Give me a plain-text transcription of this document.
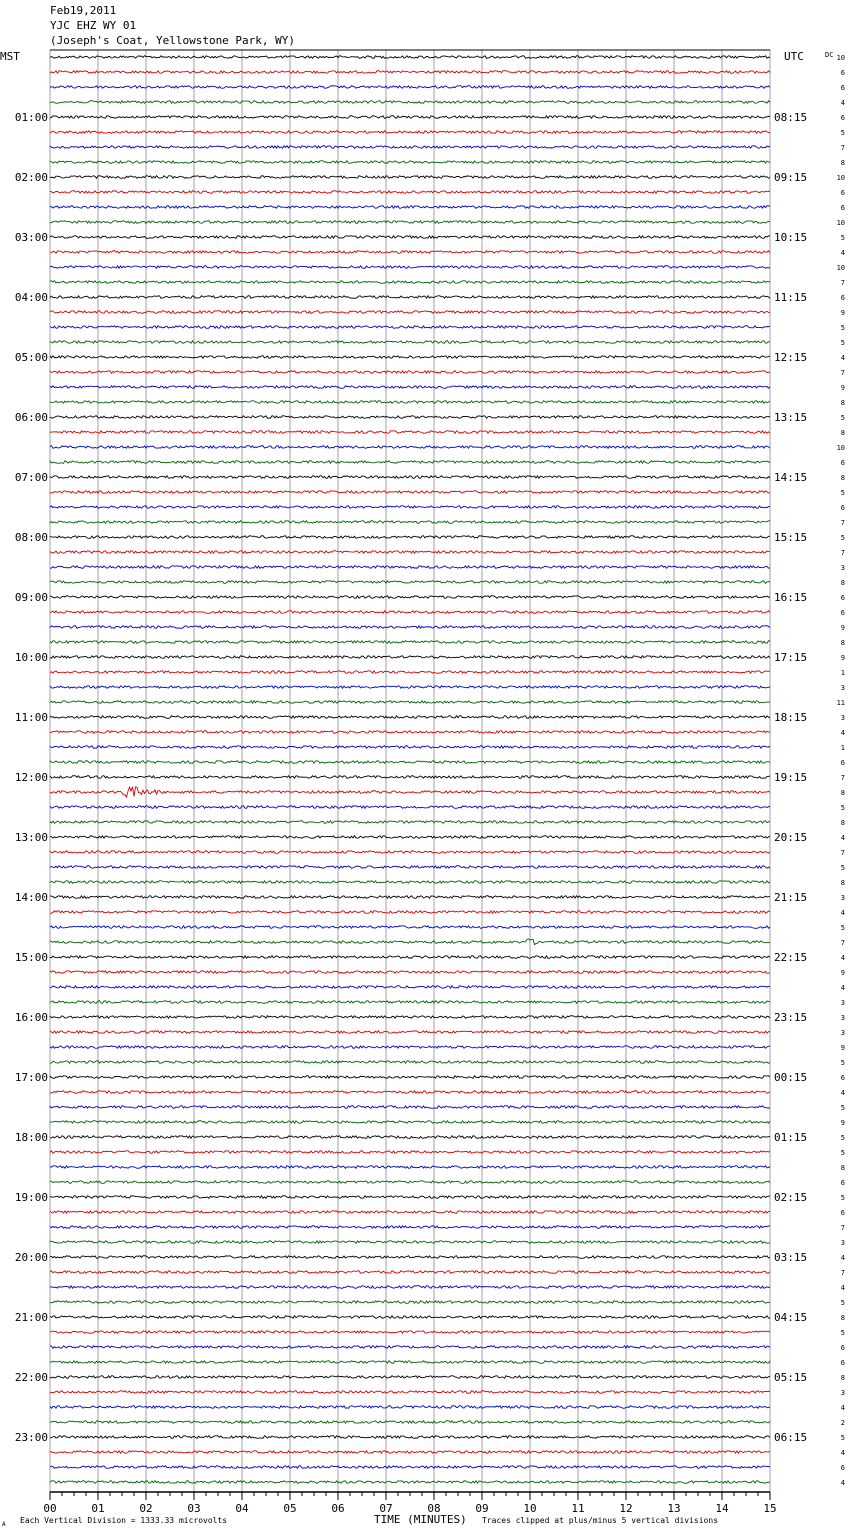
Feb19,2011
YJC EHZ WY 01
(Joseph's Coat, Yellowstone Park, WY)
00	01	02	03	04	05	06	07	08	09	10	11	12	13	14	15
10
6
6
4
6
01:00	08:15
5
7
8
10
02:00	09:15
6
6
10
5
03:00	10:15
4
10
7
6
04:00	11:15
9
5
5
4
05:00	12:15
7
9
8
5
06:00	13:15
8
10
6
8
07:00	14:15
5
6
7
5
08:00	15:15
7
3
8
6
09:00	16:15
6
9
8
9
10:00	17:15
1
3
11
3
11:00	18:15
4
1
6
7
12:00	19:15
8
5
8
4
13:00	20:15
7
5
8
3
14:00	21:15
4
5
7
4
15:00	22:15
9
4
3
3
16:00	23:15
3
9
5
6
17:00	00:15
4
5
9
5
18:00	01:15
5
8
6
5
19:00	02:15
6
7
3
4
20:00	03:15
7
4
5
8
21:00	04:15
5
6
6
8
22:00	05:15
3
4
2
5
23:00	06:15
4
6
4
MST	UTC	DC
A Each Vertical Division = 1333.33 microvolts	TIME (MINUTES) Traces clipped at plus/minus 5 vertical divisions
